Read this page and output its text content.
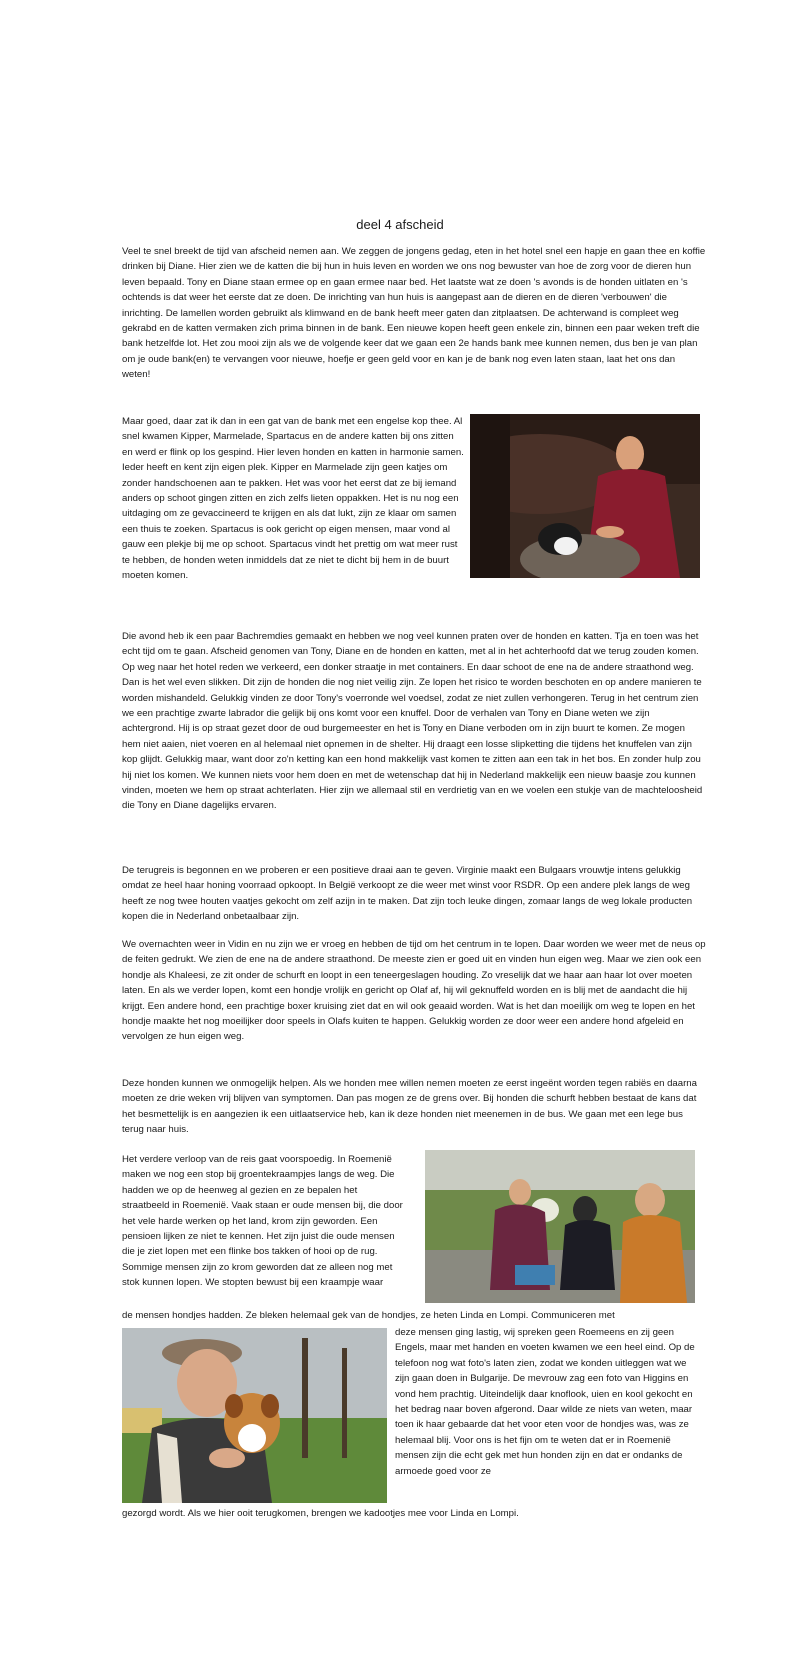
deel 4 afscheid

Veel te snel breekt de tijd van afscheid nemen aan. We zeggen de jongens gedag, eten in het hotel snel een hapje en gaan thee en koffie drinken bij Diane. Hier zien we de katten die bij hun in huis leven en worden we ons nog bewuster van hoe de zorg voor de dieren hun leven bepaald. Tony en Diane staan ermee op en gaan ermee naar bed. Het laatste wat ze doen 's avonds is de honden uitlaten en 's ochtends is dat weer het eerste dat ze doen. De inrichting van hun huis is aangepast aan de dieren en de dieren 'verbouwen' die inrichting. De lamellen worden gebruikt als klimwand en de bank heeft meer gaten dan zitplaatsen. De achterwand is compleet weg gekrabd en de katten vermaken zich prima binnen in de bank. Een nieuwe kopen heeft geen enkele zin, binnen een paar weken treft die bank hetzelfde lot. Het zou mooi zijn als we de volgende keer dat we gaan een 2e hands bank mee kunnen nemen, dus ben je van plan om je oude bank(en) te vervangen voor nieuwe, hoefje er geen geld voor en kan je de bank nog even laten staan, laat het ons dan weten!

Maar goed, daar zat ik dan in een gat van de bank met een engelse kop thee. Al snel kwamen Kipper, Marmelade, Spartacus en de andere katten bij ons zitten en werd er flink op los gespind. Hier leven honden en katten in harmonie samen. Ieder heeft en kent zijn eigen plek. Kipper en Marmelade zijn geen katjes om zonder handschoenen aan te pakken. Het was voor het eerst dat ze bij iemand anders op schoot gingen zitten en zich zelfs lieten oppakken. Het is nu nog een uitdaging om ze gevaccineerd te krijgen en als dat lukt, zijn ze klaar om samen een thuis te zoeken. Spartacus is ook gericht op eigen mensen, maar vond al gauw een plekje bij me op schoot. Spartacus vindt het prettig om wat meer rust te hebben, de honden weten inmiddels dat ze niet te dicht bij hem in de buurt moeten komen.

Die avond heb ik een paar Bachremdies gemaakt en hebben we nog veel kunnen praten over de honden en katten. Tja en toen was het echt tijd om te gaan. Afscheid genomen van Tony, Diane en de honden en katten, met al in het achterhoofd dat we terug zouden komen. Op weg naar het hotel reden we verkeerd, een donker straatje in met containers. En daar schoot de ene na de andere straathond weg. Dan is het wel even slikken. Dit zijn de honden die nog niet veilig zijn. Ze lopen het risico te worden beschoten en op andere manieren te worden mishandeld. Gelukkig vinden ze door Tony's voerronde wel voedsel, zodat ze niet zullen verhongeren. Terug in het centrum zien we een prachtige zwarte labrador die gelijk bij ons komt voor een knuffel. Door de verhalen van Tony en Diane weten we zijn achtergrond. Hij is op straat gezet door de oud burgemeester en het is Tony en Diane verboden om in zijn buurt te komen. Ze mogen hem niet aaien, niet voeren en al helemaal niet opnemen in de shelter. Hij draagt een losse slipketting die tijdens het knuffelen van zijn kop glijdt. Gelukkig maar, want door zo'n ketting kan een hond makkelijk vast komen te zitten aan een tak in het bos. En zonder hulp zou hij niet los komen. We kunnen niets voor hem doen en met de wetenschap dat hij in Nederland makkelijk een nieuw baasje zou kunnen vinden, moeten we hem op straat achterlaten. Hier zijn we allemaal stil en verdrietig van en we voelen een stukje van de machteloosheid die Tony en Diane dagelijks ervaren.

De terugreis is begonnen en we proberen er een positieve draai aan te geven. Virginie maakt een Bulgaars vrouwtje intens gelukkig omdat ze heel haar honing voorraad opkoopt. In België verkoopt ze die weer met winst voor RSDR. Op een andere plek langs de weg heeft ze nog twee houten vaatjes gekocht om zelf azijn in te maken. Dat zijn toch leuke dingen, zomaar langs de weg lokale producten kopen die in Nederland onbetaalbaar zijn.

We overnachten weer in Vidin en nu zijn we er vroeg en hebben de tijd om het centrum in te lopen. Daar worden we weer met de neus op de feiten gedrukt. We zien de ene na de andere straathond. De meeste zien er goed uit en vinden hun eigen weg. Maar we zien ook een hondje als Khaleesi, ze zit onder de schurft en loopt in een teneergeslagen houding. Zo vreselijk dat we haar aan haar lot over moeten laten. En als we verder lopen, komt een hondje vrolijk en gericht op Olaf af, hij wil geknuffeld worden en is blij met de aandacht die hij krijgt. Een andere hond, een prachtige boxer kruising ziet dat en wil ook geaaid worden. Wat is het dan moeilijk om weg te lopen en het hondje maakte het nog moeilijker door speels in Olafs kuiten te happen. Gelukkig worden ze door weer een andere hond afgeleid en vervolgen ze hun eigen weg.

Deze honden kunnen we onmogelijk helpen. Als we honden mee willen nemen moeten ze eerst ingeënt worden tegen rabiës en daarna moeten ze drie weken vrij blijven van symptomen. Dan pas mogen ze de grens over. Bij honden die schurft hebben bestaat de kans dat het besmettelijk is en aangezien ik een uitlaatservice heb, kan ik deze honden niet meenemen in de bus. We gaan met een lege bus terug naar huis.

Het verdere verloop van de reis gaat voorspoedig. In Roemenië maken we nog een stop bij groentekraampjes langs de weg. Die hadden we op de heenweg al gezien en ze bepalen het straatbeeld in Roemenië. Vaak staan er oude mensen bij, die door het vele harde werken op het land, krom zijn geworden. Een pensioen lijken ze niet te kennen. Het zijn juist die oude mensen die je ziet lopen met een flinke bos takken of hooi op de rug. Sommige mensen zijn zo krom geworden dat ze alleen nog met stok kunnen lopen. We stopten bewust bij een kraampje waar

de mensen hondjes hadden. Ze bleken helemaal gek van de hondjes, ze heten Linda en Lompi. Communiceren met

deze mensen ging lastig, wij spreken geen Roemeens en zij geen Engels, maar met handen en voeten kwamen we een heel eind. Op de telefoon nog wat foto's laten zien, zodat we konden uitleggen wat we zijn gaan doen in Bulgarije. De mevrouw zag een foto van Higgins en vond hem prachtig. Uiteindelijk daar knoflook, uien en kool gekocht en het bedrag naar boven afgerond. Daar wilde ze niets van weten, maar toen ik haar gebaarde dat het voor eten voor de hondjes was, was ze helemaal blij. Voor ons is het fijn om te weten dat er in Roemenië mensen zijn die echt gek met hun honden zijn en dat er ondanks de armoede goed voor ze

gezorgd wordt. Als we hier ooit terugkomen, brengen we kadootjes mee voor Linda en Lompi.
